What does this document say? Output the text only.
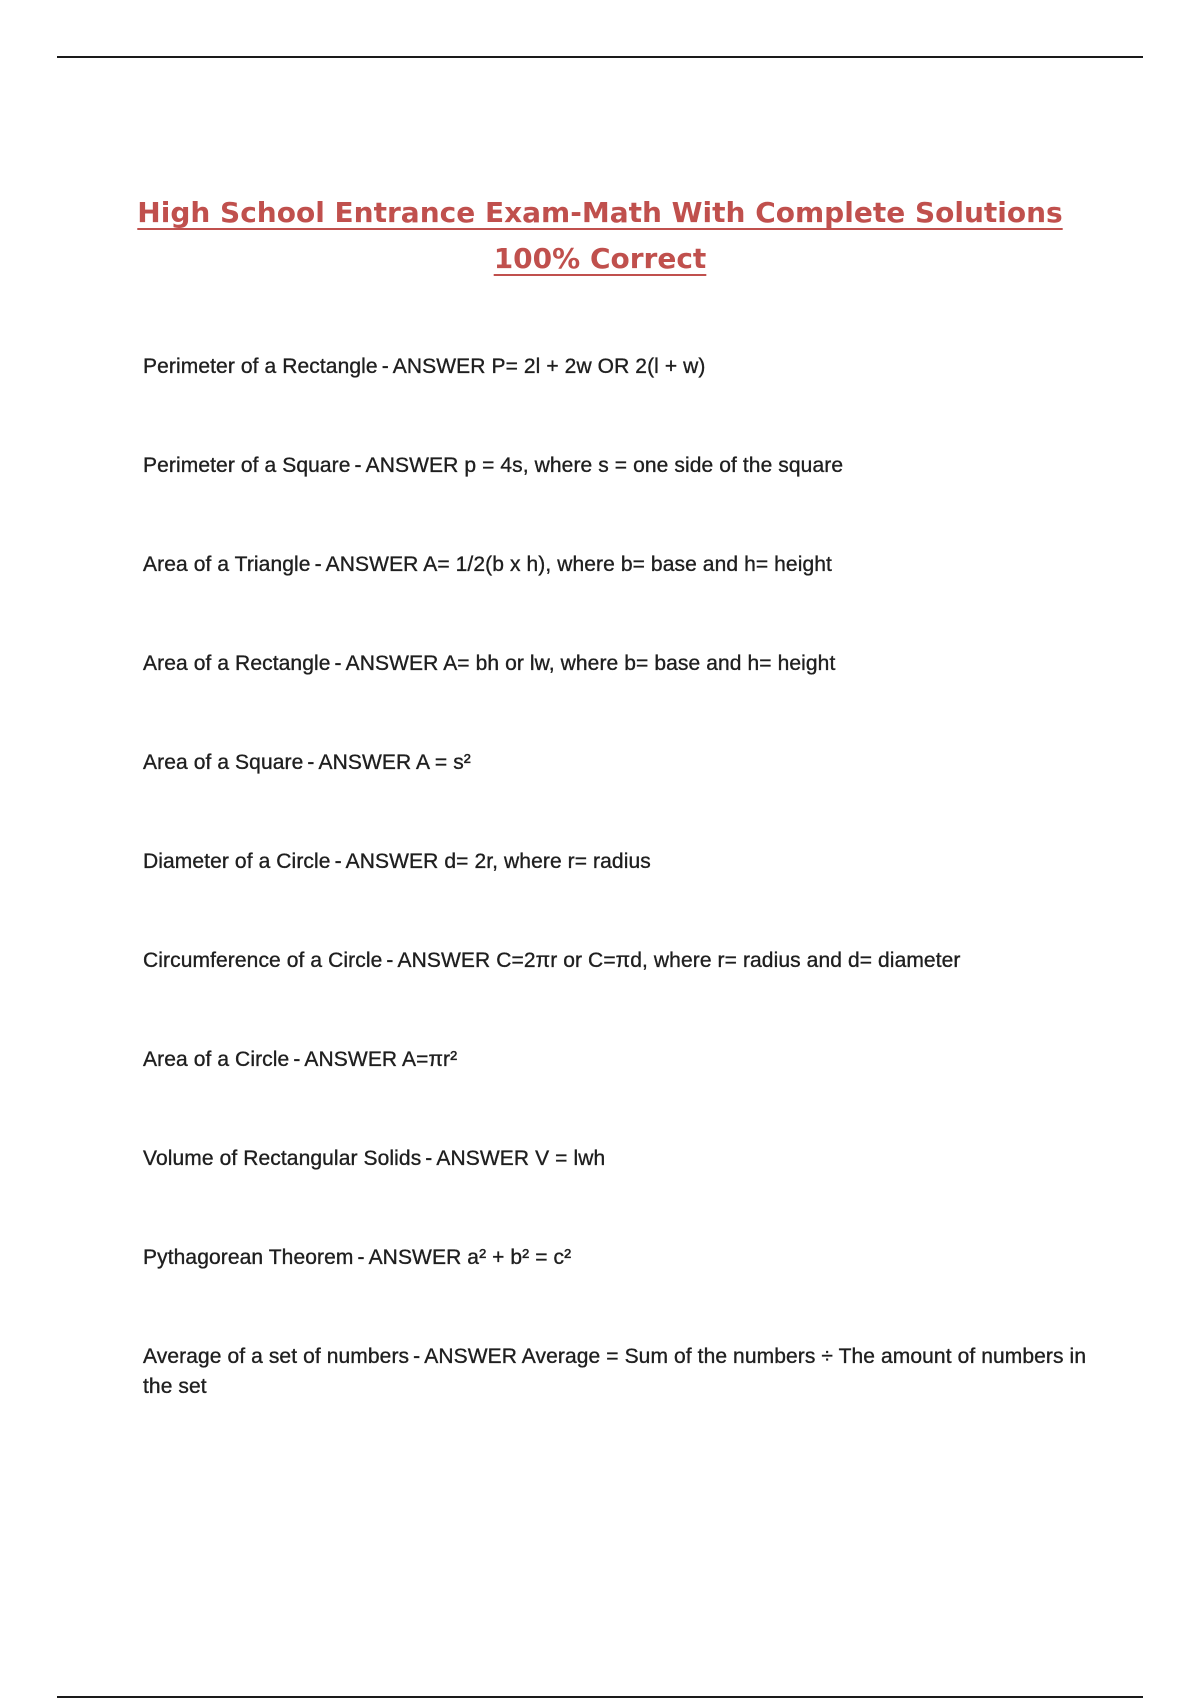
High School Entrance Exam-Math With Complete Solutions
100% Correct
Perimeter of a Rectangle - ANSWER P= 2l + 2w OR 2(l + w)
Perimeter of a Square - ANSWER p = 4s, where s = one side of the square
Area of a Triangle - ANSWER A= 1/2(b x h), where b= base and h= height
Area of a Rectangle - ANSWER A= bh or lw, where b= base and h= height
Area of a Square - ANSWER A = s²
Diameter of a Circle - ANSWER d= 2r, where r= radius
Circumference of a Circle - ANSWER C=2πr or C=πd, where r= radius and d= diameter
Area of a Circle - ANSWER A=πr²
Volume of Rectangular Solids - ANSWER V = lwh
Pythagorean Theorem - ANSWER a² + b² = c²
Average of a set of numbers - ANSWER Average = Sum of the numbers ÷ The amount of numbers in the set
